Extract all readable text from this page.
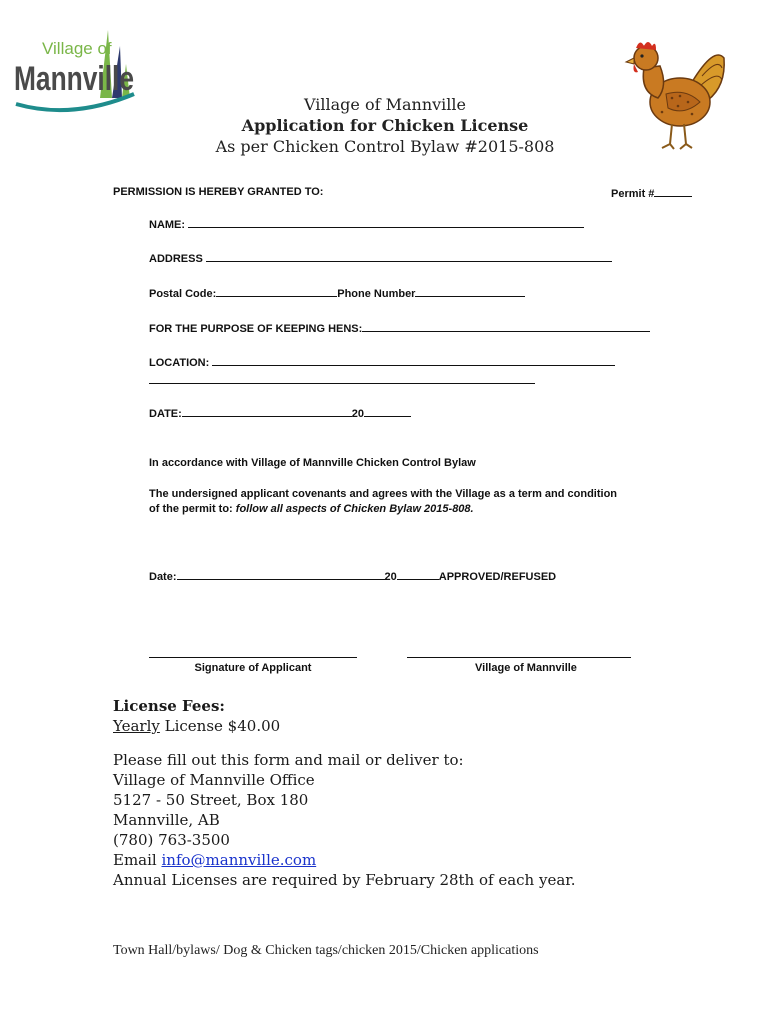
Village of
Mannville
Village of Mannville
Application for Chicken License
As per Chicken Control Bylaw #2015-808
PERMISSION IS HEREBY GRANTED TO:	Permit #
NAME:
ADDRESS
Postal Code:	Phone Number
FOR THE PURPOSE OF KEEPING HENS:
LOCATION:
DATE:	20
In accordance with Village of Mannville Chicken Control Bylaw
The undersigned applicant covenants and agrees with the Village as a term and condition
of the permit to: follow all aspects of Chicken Bylaw 2015-808.
Date:	20	APPROVED/REFUSED
Signature of Applicant	Village of Mannville
License Fees:
Yearly License $40.00
Please fill out this form and mail or deliver to:
Village of Mannville Office
5127 - 50 Street, Box 180
Mannville, AB
(780) 763-3500
Email info@mannville.com
Annual Licenses are required by February 28th of each year.
Town Hall/bylaws/ Dog & Chicken tags/chicken 2015/Chicken applications
